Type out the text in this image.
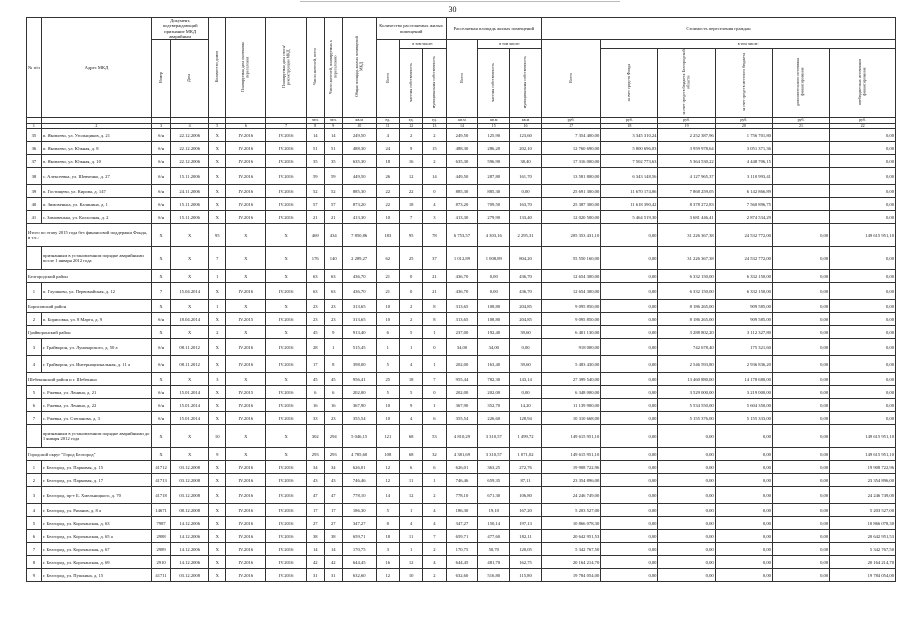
30
№ п/п	Адрес МКД	Документ, подтверждающий признание МКД аварийным		Количество домов	Планируемая дата окончания переселения	Планируемая дата сноса/ реконструкции МКД	Число жителей, всего	Число жителей, планируемых к переселению	Общая площадь жилых помещений МКД	Количество расселяемых жилых помещений			Расселяемая площадь жилых помещений			Стоимость переселения граждан					
		Номер	Дата							Всего	в том числе:		Всего	в том числе:		Всего	в том числе:				
											частная собственность	муниципальная собственность		частная собственность	муниципальная собственность		за счет средств Фонда	за счет средств бюджета Белгородской области	за счет средств местного бюджета	дополнительного источника финансирования	внебюджетных источников финансирования
							чел.	чел.	кв.м	ед.	ед.	ед.	кв.м	кв.м	кв.м	руб.	руб.	руб.	руб.	руб.	руб.
1	2	3	4	5	6	7	8	9	10	11	12	13	14	15	16	17	18	19	20	21	22
35	п. Яковлево, ул. Угольщиков, д. 21	б/н	22.12.2006	Х	IV.2016	IV.2016	14	14	249,50	4	2	2	249,50	125,90	123,60	7 354 400,00	3 345 310,24	2 252 387,96	1 756 701,80		0,00
36	п. Яковлево, ул. Южная, д. 8	б/н	22.12.2006	Х	IV.2016	IV.2016	51	51	488,30	24	9	15	488,30	286,20	202,10	12 760 690,00	5 800 696,03	3 959 978,64	3 051 371,36		0,00
37	п. Яковлево, ул. Южная, д. 10	б/н	22.12.2006	Х	IV.2016	IV.2016	35	35	635,30	18	16	2	635,30	596,90	38,40	17 316 000,00	7 502 773,63	5 364 530,22	4 448 706,15		0,00
38	с. Алексеевка, ул. Шевченко, д. 27	б/н	15.11.2006	Х	IV.2016	IV.2016	59	59	449,50	26	12	14	449,50	287,80	161,70	13 581 800,00	6 343 148,56	4 127 965,37	3 110 993,41		0,00
39	п. Гостищево, ул. Кирова, д. 147	б/н	24.11.2006	Х	IV.2016	IV.2016	52	52	885,30	22	22	0	885,30	885,30	0,00	25 691 300,00	11 670 174,06	7 868 259,05	6 142 866,89		0,00
40	п. Зимовенька, ул. Калинина, д. 1	б/н	15.11.2006	Х	IV.2016	IV.2016	57	57	873,20	22	18	4	873,20	709,50	163,70	25 387 300,00	11 618 390,42	8 378 272,83	7 560 896,75		0,00
41	с. Зимовенька, ул. Колхозная, д. 2	б/н	15.11.2006	Х	IV.2016	IV.2016	21	21	413,30	10	7	3	413,30	279,90	133,40	12 020 500,00	5 464 519,30	3 681 446,41	2 874 534,29		0,00
Итого по этапу 2015 года без финансовой поддержки Фонда, в т.ч.:		Х	Х	95	Х	Х	469	434	7 850,86	183	95	78	6 753,57	4 303,16	2 295,31	205 353 431,10	0,00	31 226 367,38	24 532 772,00	0,00	149 615 951,10
	признанным в установленном порядке аварийными после 1 января 2012 года	Х	Х	7	Х	Х	176	140	2 289,27	62	25	37	1 012,89	1 008,89	804,20	55 550 160,00	0,00	31 226 367,38	24 532 772,00	0,00	0,00
Белгородский район		Х	Х	1	Х	Х	63	63	436,70	21	0	21	436,70	0,00	436,70	12 654 300,00	0,00	6 332 150,00	6 332 150,00	0,00	0,00
1	п. Глушково, ул. Первомайская, д. 12	7	15.04.2014	Х	IV.2016	IV.2016	63	63	436,70	21	0	21	436,70	0,00	436,70	12 654 300,00	0,00	6 332 150,00	6 332 150,00	0,00	0,00
Борисовский район		Х	Х	1	Х	Х	23	23	313,65	10	2	8	313,65	108,80	204,85	9 095 850,00	0,00	8 186 265,00	909 585,00	0,00	0,00
2	п. Борисовка, ул. 8 Марта, д. 9	б/н	18.04.2014	Х	IV.2015	IV.2016	23	23	313,65	10	2	8	313,65	108,80	204,85	9 095 850,00	0,00	8 186 265,00	909 585,00	0,00	0,00
Грайворонский район		Х	Х	2	Х	Х	45	9	913,40	6	5	1	237,00	192,40	39,60	6 401 130,00	0,00	3 288 802,20	3 112 327,80	0,00	0,00
3	г. Грайворон, ул. Луначарского, д. 50 а	б/н	08.11.2012	Х	IV.2016	IV.2016	28	1	515,45	1	1	0	34,00	34,00	0,00	918 000,00	0,00	742 678,40	175 321,60	0,00	0,00
4	г. Грайворон, ул. Интернациональная, д. 11 а	б/н	08.11.2012	Х	IV.2016	IV.2016	17	8	398,00	5	4	1	202,00	163,40	39,60	5 483 430,00	0,00	2 546 593,80	2 936 836,20	0,00	0,00
Шебекинский район и г. Шебекино		Х	Х	3	Х	Х	45	45	956,41	25	18	7	955,44	782,30	143,14	27 399 540,00	0,00	13 460 880,00	14 178 680,00	0,00	0,00
5	с. Ржевка, ул. Ленина, д. 21	б/н	15.01.2014	Х	IV.2015	IV.2016	6	6	202,00	5	5	0	202,00	202,00	0,00	6 348 000,00	0,00	3 529 000,00	3 219 000,00	0,00	0,00
6	с. Ржевка, ул. Ленина, д. 22	б/н	15.01.2014	Х	IV.2016	IV.2016	16	16	367,90	10	9	1	367,90	352,70	14,20	11 139 900,00	0,00	5 534 550,00	5 604 350,00	0,00	0,00
7	с. Ржевка, ул. Степанова, д. 3	б/н	15.01.2014	Х	IV.2016	IV.2016	33	23	355,54	10	4	6	355,54	226,60	128,94	10 310 668,00	0,00	5 155 376,00	5 155 333,00	0,00	0,00
	признанным в установленном порядке аварийными до 1 января 2012 года	Х	Х	10	Х	Х	302	294	5 046,15	121	68	53	4 810,29	3 310,57	1 499,72	149 615 951,10	0,00	0,00	0,00	0,00	149 615 951,10
Городской округ "Город Белгород"		Х	Х	9	Х	Х	293	293	4 785,60	108	68	32	4 381,69	3 310,57	1 071,02	149 615 951,10	0,00	0,00	0,00	0,00	149 615 951,10
1	г. Белгород, ул. Парковая, д. 15	41712	03.12.2008	Х	IV.2016	IV.2016	34	34	626,01	12	6	6	626,01	363,25	272,76	19 908 722,96	0,00	0,00	0,00	0,00	19 908 722,96
2	г. Белгород, ул. Парковая, д. 17	41713	03.12.2008	Х	IV.2016	IV.2016	43	43	746,46	12	11	1	746,46	659,35	87,11	23 354 896,00	0,00	0,00	0,00	0,00	23 354 896,00
3	г. Белгород, пр-т Б. Хмельницкого, д. 70	41718	03.12.2008	Х	IV.2016	IV.2016	47	47	778,10	14	12	2	778,10	671,30	106,80	24 246 749,00	0,00	0,00	0,00	0,00	24 246 749,00
4	г. Белгород, ул. Рязанов, д. 8 а	14671	08.12.2008	Х	IV.2016	IV.2016	17	17	186,30	5	1	4	186,30	19,10	167,20	5 203 527,00	0,00	0,00	0,00	0,00	5 203 527,00
5	г. Белгород, ул. Корочанская, д. 63	7987	14.12.2006	Х	IV.2016	IV.2016	27	27	347,27	8	4	4	347,27	150,14	197,13	10 866 078,30	0,00	0,00	0,00	0,00	10 866 078,30
6	г. Белгород, ул. Корочанская, д. 65 а	2988	14.12.2006	Х	IV.2016	IV.2016	38	38	659,71	18	11	7	659,71	477,60	182,11	20 642 951,53	0,00	0,00	0,00	0,00	20 642 951,53
7	г. Белгород, ул. Корочанская, д. 67	2989	14.12.2006	Х	IV.2016	IV.2016	14	14	170,75	3	1	2	170,75	50,70	120,05	5 342 767,50	0,00	0,00	0,00	0,00	5 342 767,50
8	г. Белгород, ул. Корочанская, д. 69	2910	14.12.2006	Х	IV.2016	IV.2016	42	42	644,45	16	12	4	644,45	481,70	162,75	20 164 214,70	0,00	0,00	0,00	0,00	20 164 214,70
9	г. Белгород, ул. Пушкина, д. 15	41711	03.12.2008	Х	IV.2016	IV.2016	31	31	632,60	12	10	2	632,60	516,80	115,80	19 784 054,00	0,00	0,00	0,00	0,00	19 784 054,00
